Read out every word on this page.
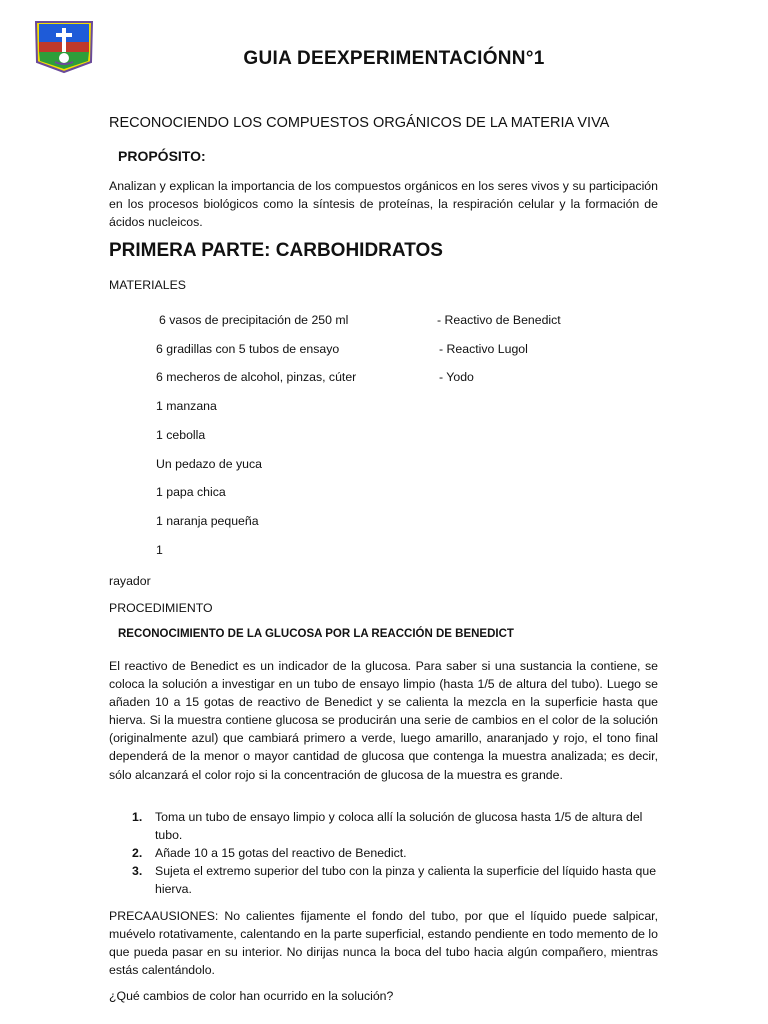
GUIA DEEXPERIMENTACIÓNN°1
RECONOCIENDO LOS COMPUESTOS ORGÁNICOS DE LA MATERIA VIVA
PROPÓSITO:
Analizan y explican la importancia de los compuestos orgánicos en los seres vivos y su participación en los procesos biológicos como la síntesis de proteínas, la respiración celular y la formación de ácidos nucleicos.
PRIMERA PARTE: CARBOHIDRATOS
MATERIALES
6 vasos de precipitación de 250 ml	- Reactivo de Benedict
6 gradillas con 5 tubos de ensayo	- Reactivo Lugol
6 mecheros de alcohol, pinzas, cúter	- Yodo
1 manzana
1 cebolla
Un pedazo de yuca
1 papa chica
1 naranja pequeña
1
rayador
PROCEDIMIENTO
RECONOCIMIENTO DE LA GLUCOSA POR LA REACCIÓN DE BENEDICT
El reactivo de Benedict es un indicador de la glucosa. Para saber si una sustancia la contiene, se coloca la solución a investigar en un tubo de ensayo limpio (hasta 1/5 de altura del tubo). Luego se añaden 10 a 15 gotas de reactivo de Benedict y se calienta la mezcla en la superficie hasta que hierva. Si la muestra contiene glucosa se producirán una serie de cambios en el color de la solución (originalmente azul) que cambiará primero a verde, luego amarillo, anaranjado y rojo, el tono final dependerá de la menor o mayor cantidad de glucosa que contenga la muestra analizada; es decir, sólo alcanzará el color rojo si la concentración de glucosa de la muestra es grande.
1. Toma un tubo de ensayo limpio y coloca allí la solución de glucosa hasta 1/5 de altura del tubo.
2. Añade 10 a 15 gotas del reactivo de Benedict.
3. Sujeta el extremo superior del tubo con la pinza y calienta la superficie del líquido hasta que hierva.
PRECAAUSIONES: No calientes fijamente el fondo del tubo, por que el líquido puede salpicar, muévelo rotativamente, calentando en la parte superficial, estando pendiente en todo memento de lo que pueda pasar en su interior. No dirijas nunca la boca del tubo hacia algún compañero, mientras estás calentándolo.
¿Qué cambios de color han ocurrido en la solución?
